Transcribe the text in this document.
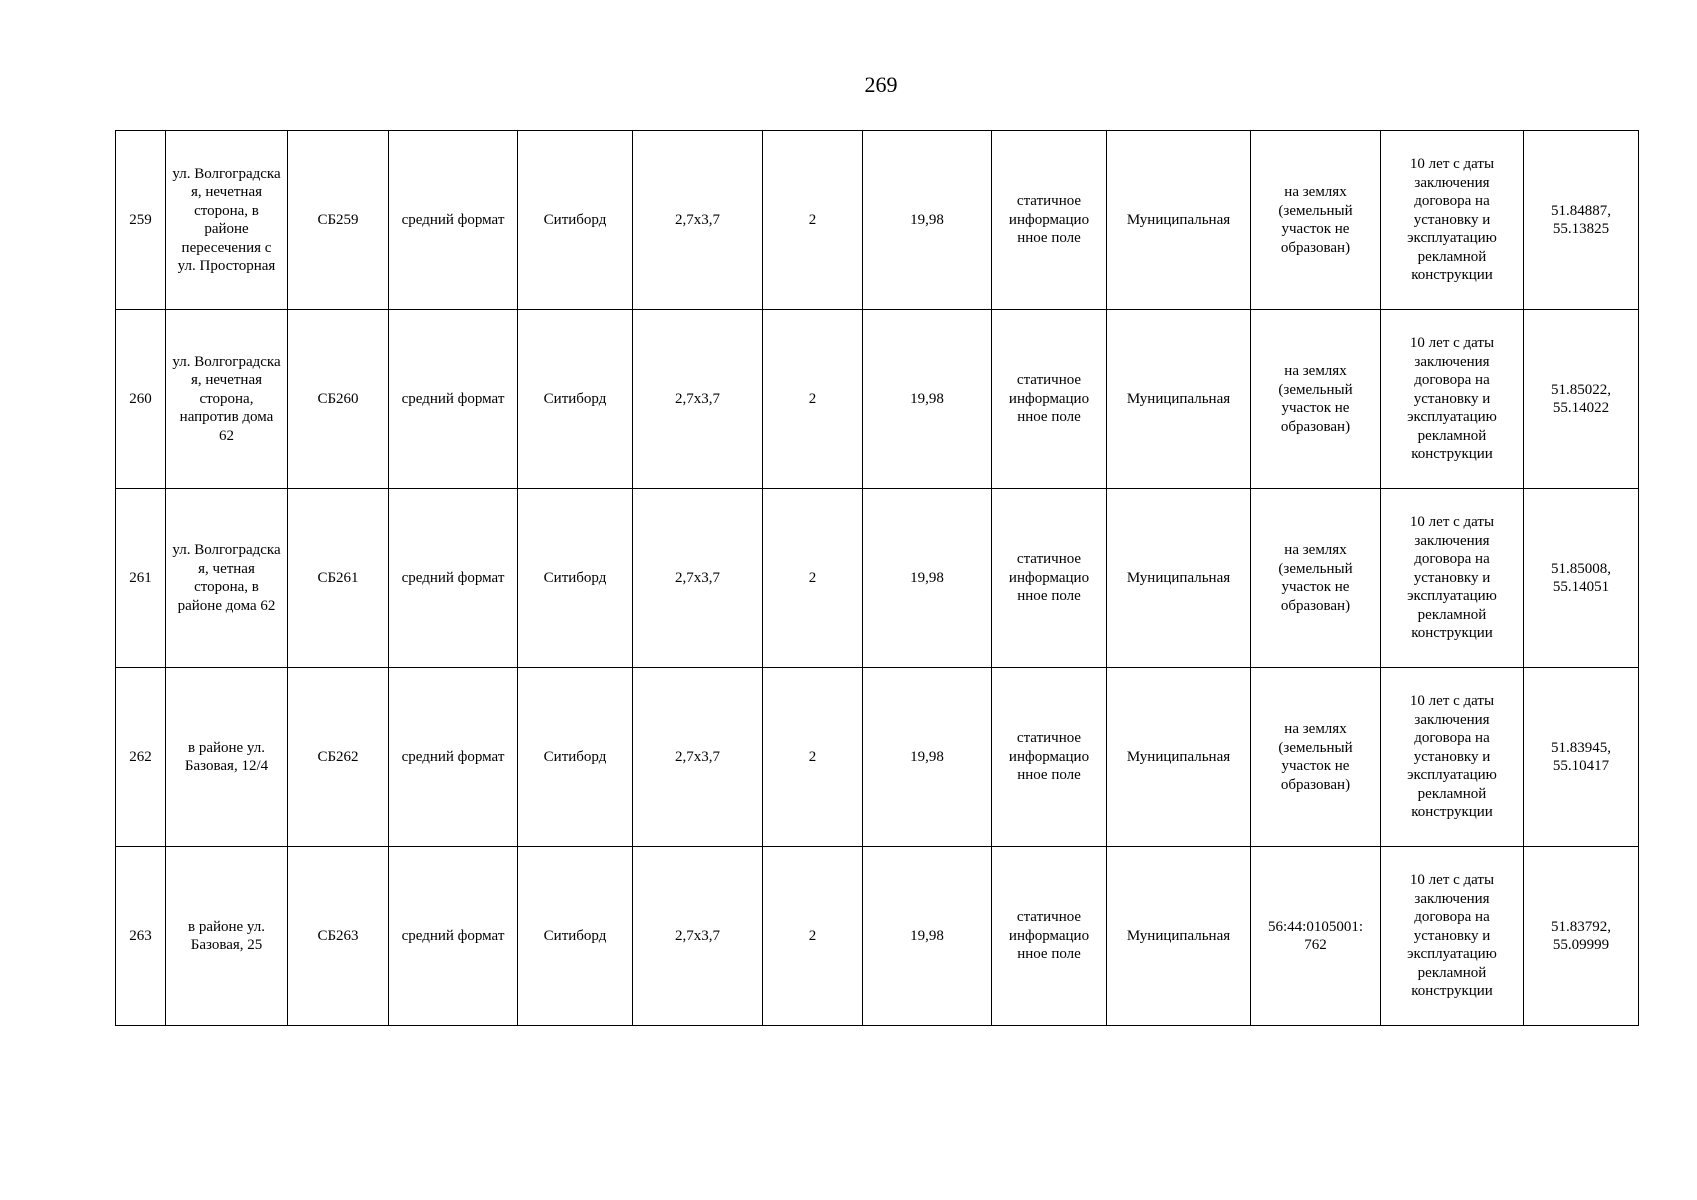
269
259	ул. Волгоградска я, нечетная сторона, в районе пересечения с ул. Просторная	СБ259	средний формат	Ситиборд	2,7х3,7	2	19,98	статичное информацио нное поле	Муниципальная	на землях (земельный участок не образован)	10 лет с даты заключения договора на установку и эксплуатацию рекламной конструкции	51.84887, 55.13825
260	ул. Волгоградска я, нечетная сторона, напротив дома 62	СБ260	средний формат	Ситиборд	2,7х3,7	2	19,98	статичное информацио нное поле	Муниципальная	на землях (земельный участок не образован)	10 лет с даты заключения договора на установку и эксплуатацию рекламной конструкции	51.85022, 55.14022
261	ул. Волгоградска я, четная сторона, в районе дома 62	СБ261	средний формат	Ситиборд	2,7х3,7	2	19,98	статичное информацио нное поле	Муниципальная	на землях (земельный участок не образован)	10 лет с даты заключения договора на установку и эксплуатацию рекламной конструкции	51.85008, 55.14051
262	в районе ул. Базовая, 12/4	СБ262	средний формат	Ситиборд	2,7х3,7	2	19,98	статичное информацио нное поле	Муниципальная	на землях (земельный участок не образован)	10 лет с даты заключения договора на установку и эксплуатацию рекламной конструкции	51.83945, 55.10417
263	в районе ул. Базовая, 25	СБ263	средний формат	Ситиборд	2,7х3,7	2	19,98	статичное информацио нное поле	Муниципальная	56:44:0105001: 762	10 лет с даты заключения договора на установку и эксплуатацию рекламной конструкции	51.83792, 55.09999
